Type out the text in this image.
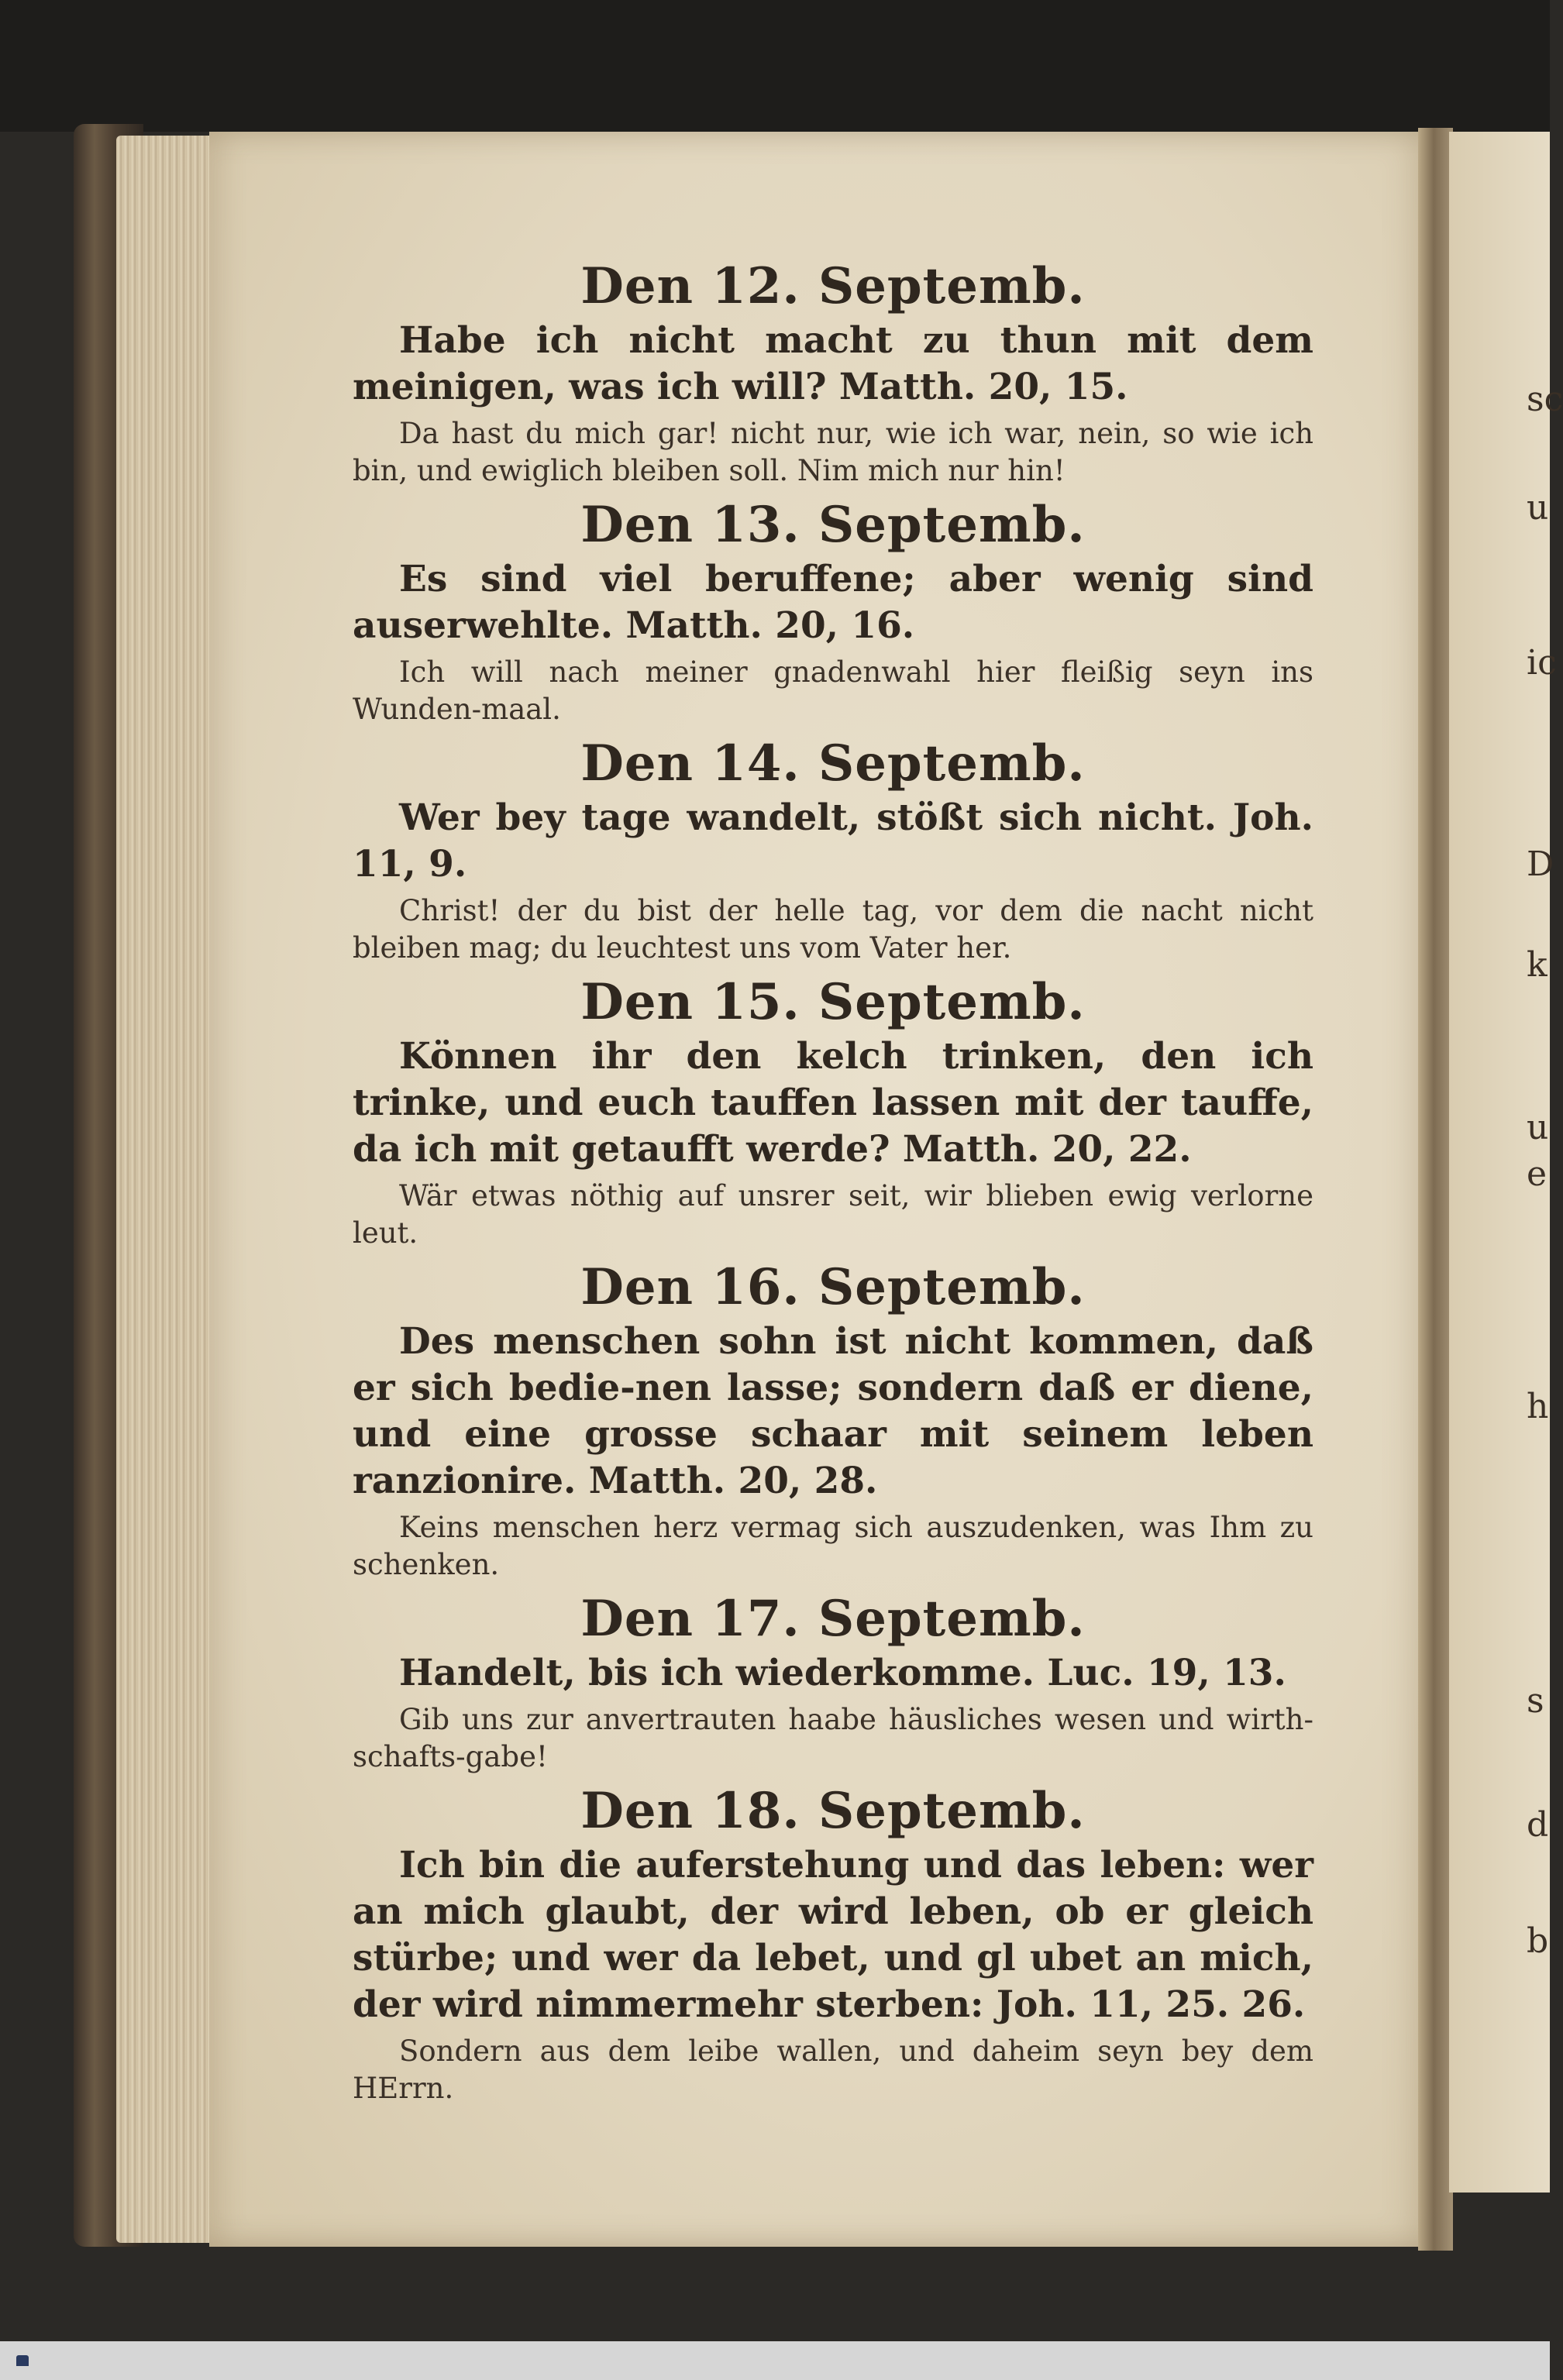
sc
u
ic
D
k
u
e
h
s
d
b
Den 12. Septemb.

Habe ich nicht macht zu thun mit dem meinigen, was ich will? Matth. 20, 15.

Da hast du mich gar! nicht nur, wie ich war, nein, so wie ich bin, und ewiglich bleiben soll. Nim mich nur hin!

Den 13. Septemb.

Es sind viel beruffene; aber wenig sind auserwehlte. Matth. 20, 16.

Ich will nach meiner gnadenwahl hier fleißig seyn ins Wunden-maal.

Den 14. Septemb.

Wer bey tage wandelt, stößt sich nicht. Joh. 11, 9.

Christ! der du bist der helle tag, vor dem die nacht nicht bleiben mag; du leuchtest uns vom Vater her.

Den 15. Septemb.

Können ihr den kelch trinken, den ich trinke, und euch tauffen lassen mit der tauffe, da ich mit getaufft werde? Matth. 20, 22.

Wär etwas nöthig auf unsrer seit, wir blieben ewig verlorne leut.

Den 16. Septemb.

Des menschen sohn ist nicht kommen, daß er sich bedie-nen lasse; sondern daß er diene, und eine grosse schaar mit seinem leben ranzionire. Matth. 20, 28.

Keins menschen herz vermag sich auszudenken, was Ihm zu schenken.

Den 17. Septemb.

Handelt, bis ich wiederkomme. Luc. 19, 13.

Gib uns zur anvertrauten haabe häusliches wesen und wirth-schafts-gabe!

Den 18. Septemb.

Ich bin die auferstehung und das leben: wer an mich glaubt, der wird leben, ob er gleich stürbe; und wer da lebet, und gl ubet an mich, der wird nimmermehr sterben: Joh. 11, 25. 26.

Sondern aus dem leibe wallen, und daheim seyn bey dem HErrn.
